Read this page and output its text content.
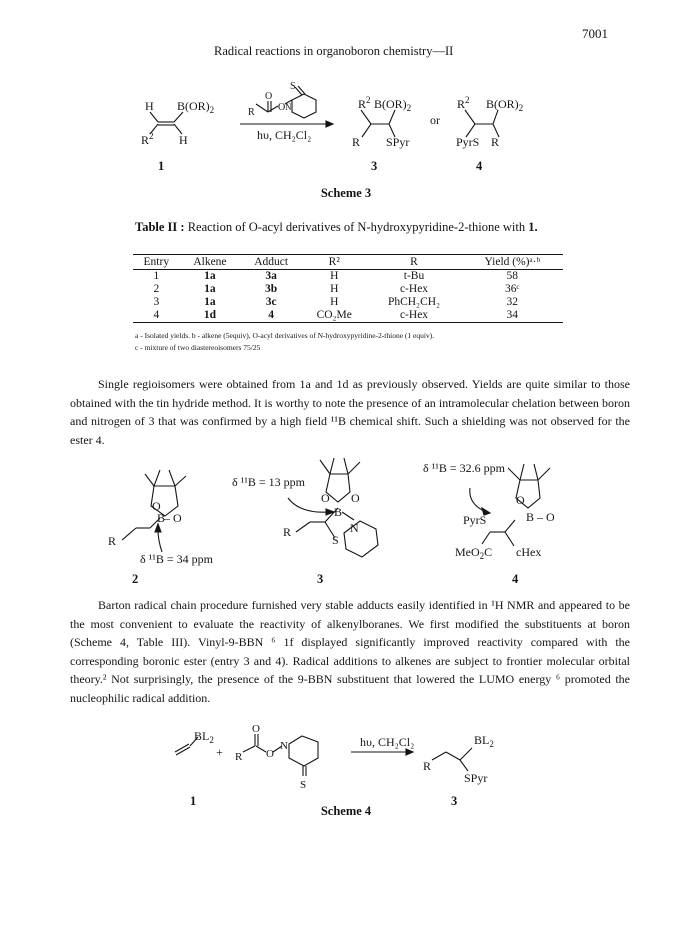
Radical reactions in organoboron chemistry—II
7001
H $B(OR)_2$
$R^2$ H
O
S
R O N
hυ, CH₂Cl₂
$R^2$ $B(OR)_2$
R SPyr
or
$R^2$ $B(OR)_2$
PyrS R
1	3	4
Scheme 3
Table II : Reaction of O-acyl derivatives of N-hydroxypyridine-2-thione with 1.
Entry	Alkene	Adduct	R²	R	Yield (%)ᵃ·ᵇ
1	1a	3a	H	t-Bu	58
2	1a	3b	H	c-Hex	36ᶜ
3	1a	3c	H	PhCH₂CH₂	32
4	1d	4	CO₂Me	c-Hex	34
a - Isolated yields. b - alkene (5equiv), O-acyl derivatives of N-hydroxypyridine-2-thione (1 equiv).
c - mixture of two diastereoisomers 75/25

Single regioisomers were obtained from 1a and 1d as previously observed. Yields are quite similar to those obtained with the tin hydride method. It is worthy to note the presence of an intramolecular chelation between boron and nitrogen of 3 that was confirmed by a high field ¹¹B chemical shift. Such a shielding was not observed for the ester 4.

O
B
– O
R
δ ¹¹B = 34 ppm
δ ¹¹B = 13 ppm
O O
B
N
R
S
δ ¹¹B = 32.6 ppm
O
B – O
PyrS
MeO$_2$C cHex
2	3	4

Barton radical chain procedure furnished very stable adducts easily identified in ¹H NMR and appeared to be the most convenient to evaluate the reactivity of alkenylboranes. We first modified the substituents at boron (Scheme 4, Table III). Vinyl-9-BBN ⁶ 1f displayed significantly improved reactivity compared with the corresponding boronic ester (entry 3 and 4). Radical additions to alkenes are subject to frontier molecular orbital theory.² Not surprisingly, the presence of the 9-BBN substituent that lowered the LUMO energy ⁶ promoted the nucleophilic radical addition.

$BL_2$
+
O
R O
N
S
hυ, CH₂Cl₂	$BL_2$
R
SPyr
1	3
Scheme 4
